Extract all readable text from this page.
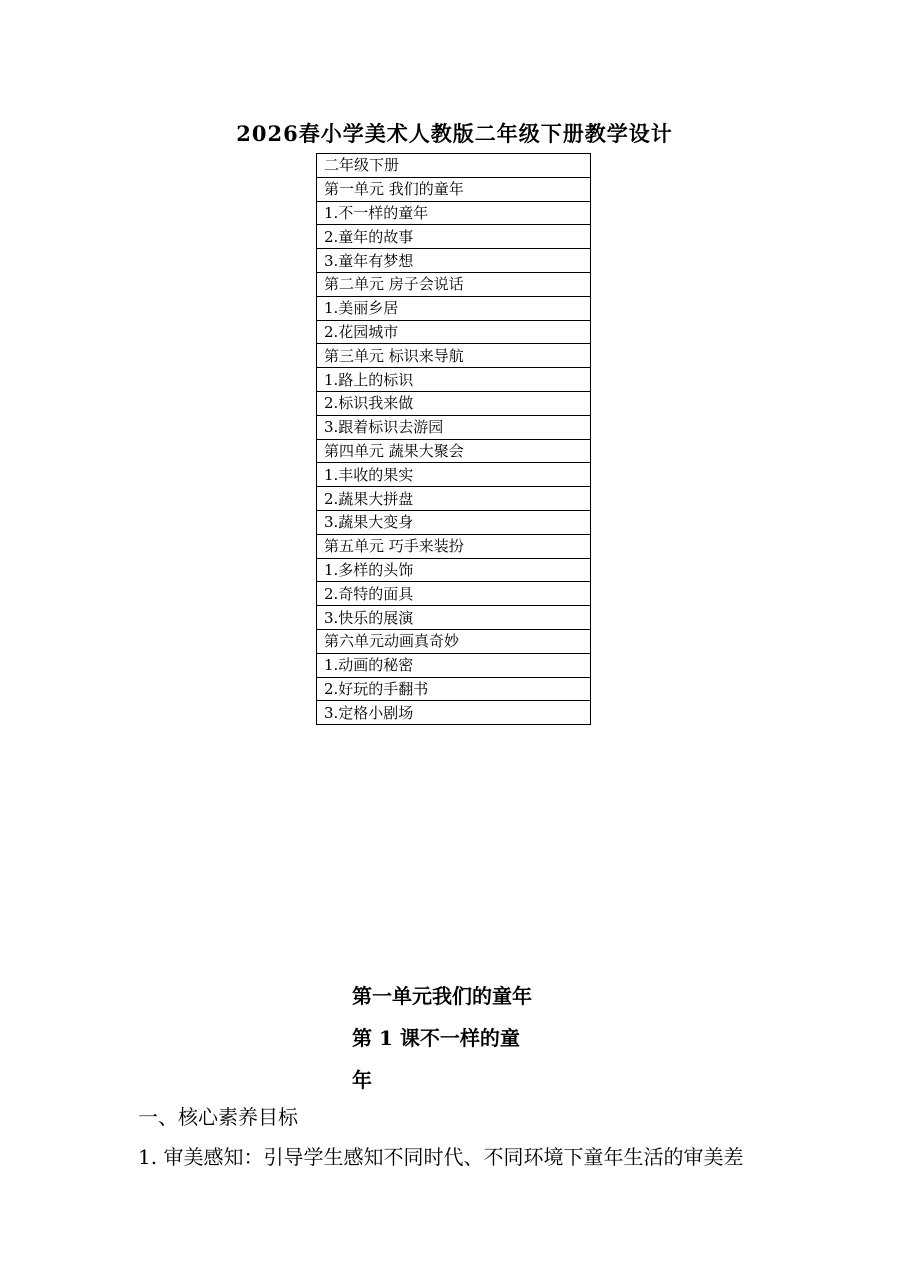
2026春小学美术人教版二年级下册教学设计
二年级下册
第一单元 我们的童年
1.不一样的童年
2.童年的故事
3.童年有梦想
第二单元 房子会说话
1.美丽乡居
2.花园城市
第三单元 标识来导航
1.路上的标识
2.标识我来做
3.跟着标识去游园
第四单元 蔬果大聚会
1.丰收的果实
2.蔬果大拼盘
3.蔬果大变身
第五单元 巧手来装扮
1.多样的头饰
2.奇特的面具
3.快乐的展演
第六单元动画真奇妙
1.动画的秘密
2.好玩的手翻书
3.定格小剧场
第一单元我们的童年
第 1 课不一样的童
年

一、核心素养目标

1. 审美感知：引导学生感知不同时代、不同环境下童年生活的审美差
